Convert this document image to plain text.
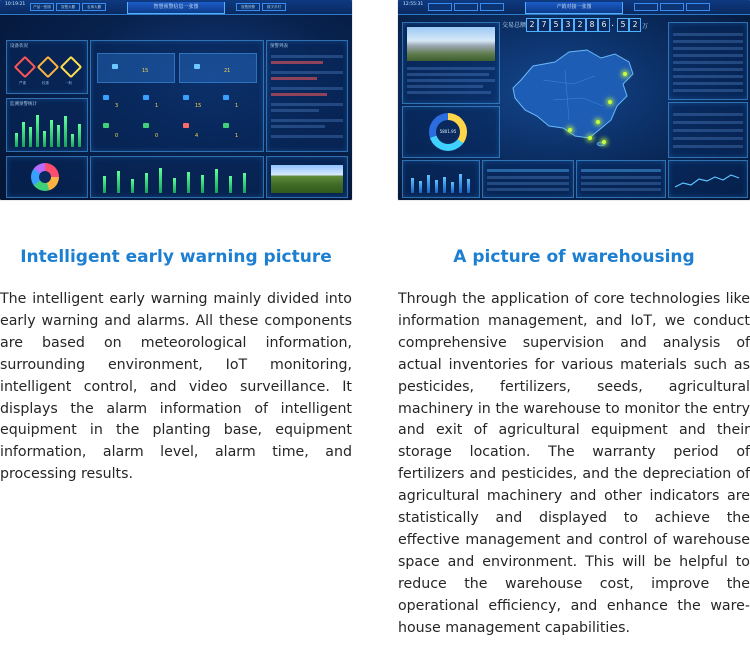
10:19:21	产品一张图	智慧大棚	农事大棚	智慧预警信息一张图	智慧预警	数字乡村
设备状况
严重	较重	一般
监测预警统计
15	21
3	1	15	1
0	0	4	1
预警列表
Intelligent early warning picture
The intelligent early warning mainly divided into early warning and alarms. All these components are based on meteorological information, surrounding environment, IoT monitoring, intelligent control, and video surveillance. It displays the alarm information of intelligent equipment in the planting base, equipment information, alarm level, alarm time, and processing results.
12:55:31	产销对接一张图
5801.95
交易总额 2 7 5 3 2 8 6 . 5 2 万
A picture of warehousing
Through the application of core technologies like information management, and IoT, we conduct comprehensive supervision and analysis of actual inventories for various materials such as pesticides, fertilizers, seeds, agricultural machinery in the warehouse to monitor the entry and exit of agricultural equipment and their storage location. The warranty period of fertilizers and pesticides, and the depreciation of agricultural machinery and other indicators are statistically and displayed to achieve the effective management and control of warehouse space and environment. This will be helpful to reduce the warehouse cost, improve the operational efficiency, and enhance the warehouse management capabilities.
